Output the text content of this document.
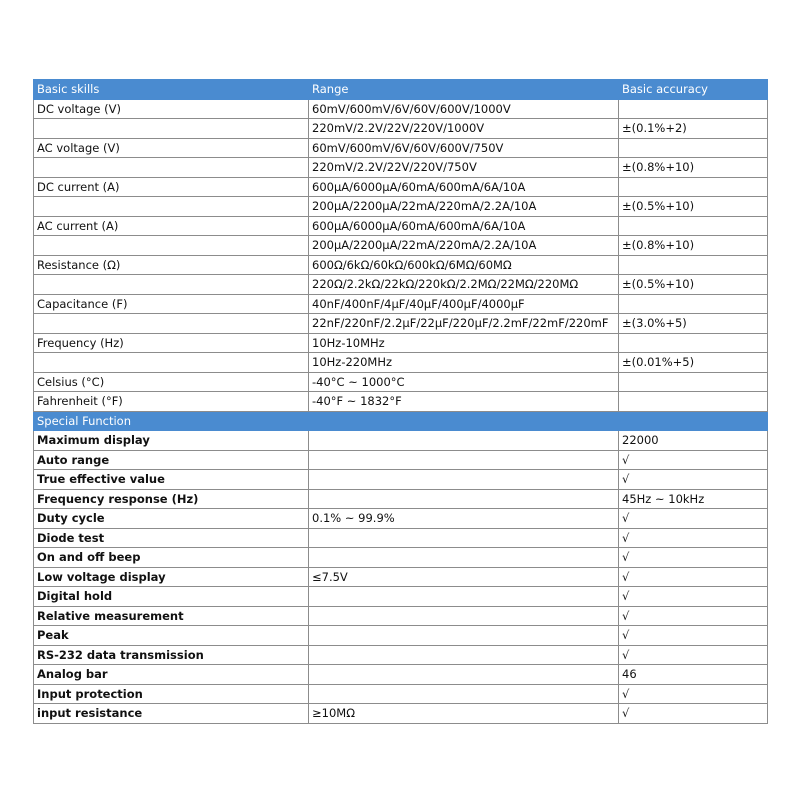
Basic skills	Range	Basic accuracy
DC voltage (V)	60mV/600mV/6V/60V/600V/1000V	
	220mV/2.2V/22V/220V/1000V	±(0.1%+2)
AC voltage (V)	60mV/600mV/6V/60V/600V/750V	
	220mV/2.2V/22V/220V/750V	±(0.8%+10)
DC current (A)	600μA/6000μA/60mA/600mA/6A/10A	
	200μA/2200μA/22mA/220mA/2.2A/10A	±(0.5%+10)
AC current (A)	600μA/6000μA/60mA/600mA/6A/10A	
	200μA/2200μA/22mA/220mA/2.2A/10A	±(0.8%+10)
Resistance (Ω)	600Ω/6kΩ/60kΩ/600kΩ/6MΩ/60MΩ	
	220Ω/2.2kΩ/22kΩ/220kΩ/2.2MΩ/22MΩ/220MΩ	±(0.5%+10)
Capacitance (F)	40nF/400nF/4μF/40μF/400μF/4000μF	
	22nF/220nF/2.2μF/22μF/220μF/2.2mF/22mF/220mF	±(3.0%+5)
Frequency (Hz)	10Hz-10MHz	
	10Hz-220MHz	±(0.01%+5)
Celsius (°C)	-40°C ~ 1000°C	
Fahrenheit (°F)	-40°F ~ 1832°F	
Special Function		
Maximum display		22000
Auto range		√
True effective value		√
Frequency response (Hz)		45Hz ~ 10kHz
Duty cycle	0.1% ~ 99.9%	√
Diode test		√
On and off beep		√
Low voltage display	≤7.5V	√
Digital hold		√
Relative measurement		√
Peak		√
RS-232 data transmission		√
Analog bar		46
Input protection		√
input resistance	≥10MΩ	√
